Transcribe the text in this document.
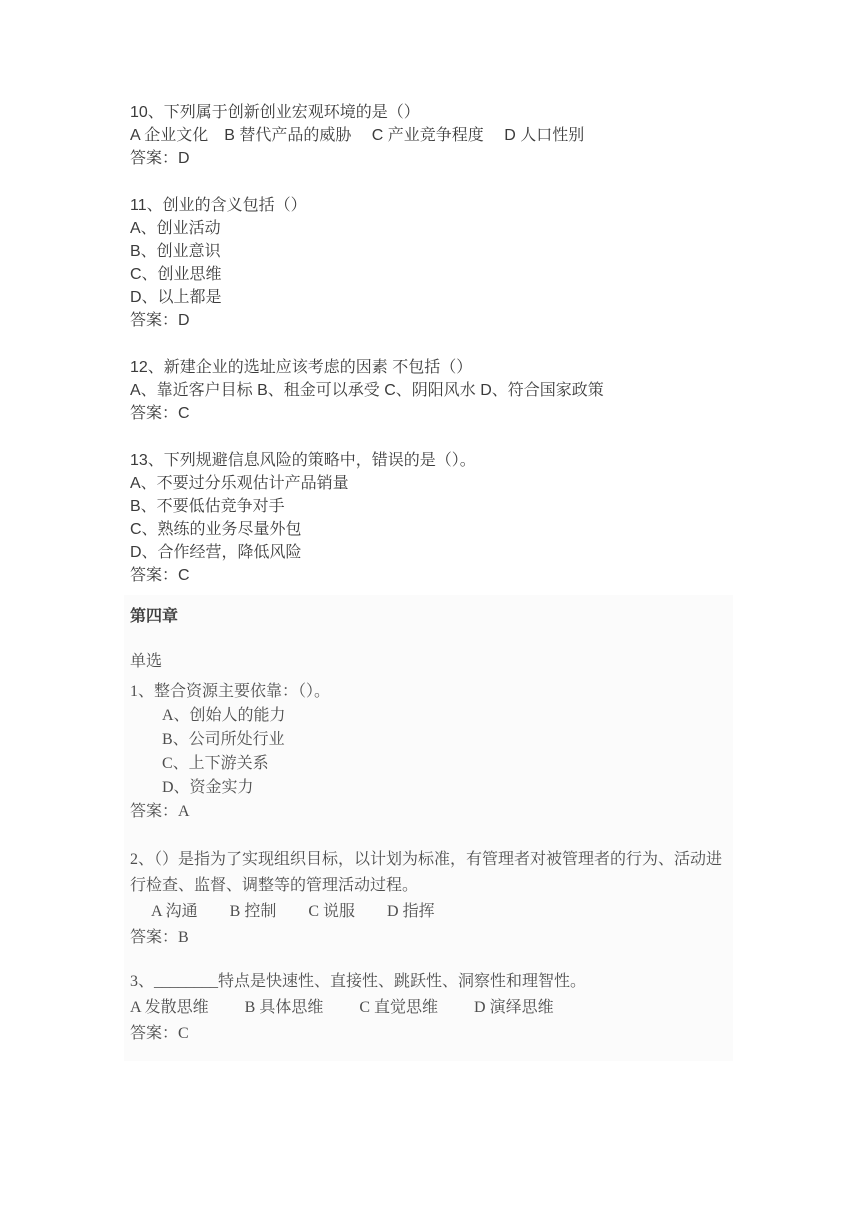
10、下列属于创新创业宏观环境的是（）

A 企业文化　B 替代产品的威胁　 C 产业竞争程度　 D 人口性别

答案：D

11、创业的含义包括（）

A、创业活动

B、创业意识

C、创业思维

D、以上都是

答案：D

12、新建企业的选址应该考虑的因素 不包括（）

A、靠近客户目标 B、租金可以承受 C、阴阳风水 D、符合国家政策

答案：C

13、下列规避信息风险的策略中，错误的是（）。

A、不要过分乐观估计产品销量

B、不要低估竞争对手

C、熟练的业务尽量外包

D、合作经营，降低风险

答案：C

第四章

单选

1、整合资源主要依靠：（）。

A、创始人的能力

B、公司所处行业

C、上下游关系

D、资金实力

答案：A

2、（）是指为了实现组织目标，以计划为标准，有管理者对被管理者的行为、活动进行检查、监督、调整等的管理活动过程。

A 沟通　　B 控制　　C 说服　　D 指挥

答案：B

3、________特点是快速性、直接性、跳跃性、洞察性和理智性。

A 发散思维　　 B 具体思维　　 C 直觉思维　　 D 演绎思维

答案：C
